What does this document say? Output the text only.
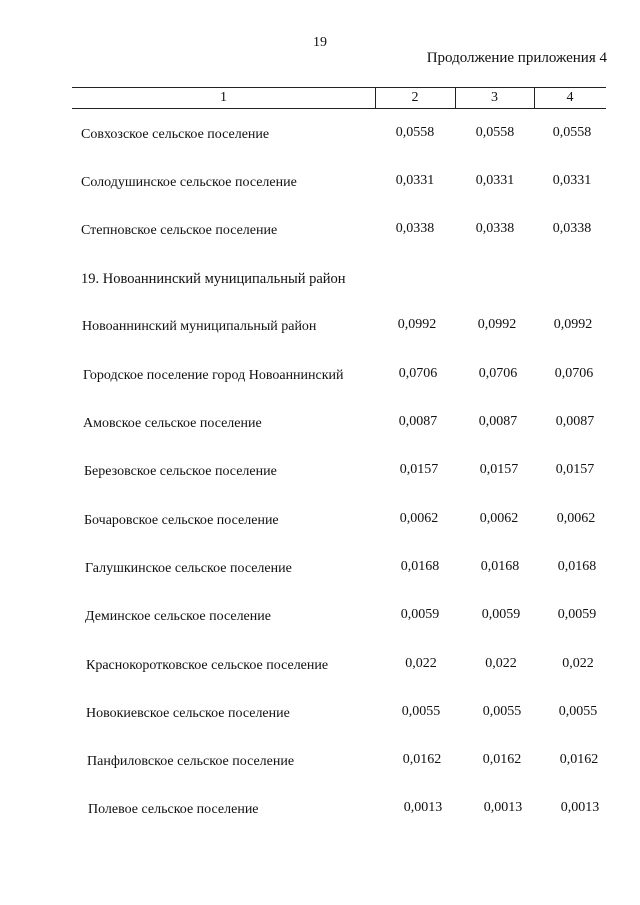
19
Продолжение приложения 4
1	2	3	4
Совхозское сельское поселение	0,0558	0,0558	0,0558
Солодушинское сельское поселение	0,0331	0,0331	0,0331
Степновское сельское поселение	0,0338	0,0338	0,0338
19. Новоаннинский муниципальный район
Новоаннинский муниципальный район	0,0992	0,0992	0,0992
Городское поселение город Новоаннинский	0,0706	0,0706	0,0706
Амовское сельское поселение	0,0087	0,0087	0,0087
Березовское сельское поселение	0,0157	0,0157	0,0157
Бочаровское сельское поселение	0,0062	0,0062	0,0062
Галушкинское сельское поселение	0,0168	0,0168	0,0168
Деминское сельское поселение	0,0059	0,0059	0,0059
Краснокоротковское сельское поселение	0,022	0,022	0,022
Новокиевское сельское поселение	0,0055	0,0055	0,0055
Панфиловское сельское поселение	0,0162	0,0162	0,0162
Полевое сельское поселение	0,0013	0,0013	0,0013
